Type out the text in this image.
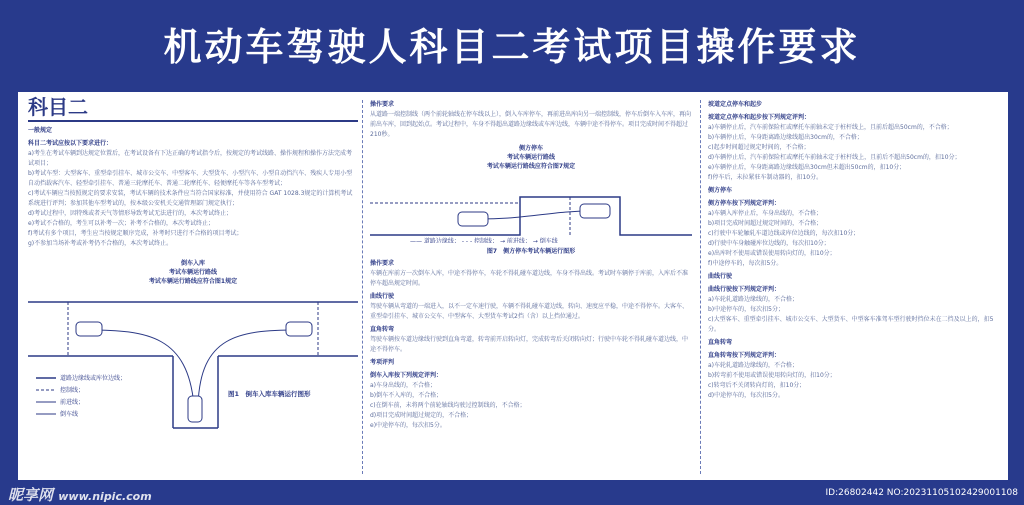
机动车驾驶人科目二考试项目操作要求
科目二
一般规定
科目二考试应按以下要求进行：
a)考生在考试车辆到达规定位置后，在考试设备有下达正确的考试指令后，按规定的考试线路、操作规程和操作方法完成考试项目；
b)考试车型：大型客车、重型牵引挂车、城市公交车、中型客车、大型货车、小型汽车、小型自动挡汽车、残疾人专用小型自动挡载客汽车、轻型牵引挂车、普通三轮摩托车、普通二轮摩托车、轻便摩托车等各车型考试；
c)考试车辆应当按照规定的要求安装，考试车辆的技术条件应当符合国家标准，并使用符合 GAT 1028.3规定的计算机考试系统进行评判；参加其他车型考试的，按本级公安机关交通管理部门规定执行；
d)考试过程中，因特殊或者天气等情形导致考试无法进行的，本次考试终止；
e)考试不合格的，考生可以补考一次；补考不合格的，本次考试终止；
f)考试有多个项目，考生应当按规定顺序完成，补考时只进行不合格的项目考试；
g)不参加当场补考或补考仍不合格的，本次考试终止。
倒车入库
考试车辆运行路线
考试车辆运行路线应符合图1规定
道路边缘线或库位边线；
控制线；
前进线；
倒车线
图1　倒车入库车辆运行图形
操作要求
从道路一端控制线（两个前轮轴线在停车线以上），倒入车库停车，再前进出库向另一端控制线，停车后倒车入车库，再向前出车库，回到起始点。考试过程中，车身不得超出道路边缘线或车库边线，车辆中途不得停车。项目完成时间不得超过210秒。
侧方停车
考试车辆运行路线
考试车辆运行路线应符合图7规定
—— 道路边缘线； - - - 控制线； → 前进线； → 倒车线
图7　侧方停车考试车辆运行图形
操作要求
车辆在库前方一次倒车入库，中途不得停车，车轮不得轧碰车道边线，车身不得出线。考试时车辆停于库前，入库后不准停车超出规定时间。
曲线行驶
驾驶车辆从弯道的一端进入，以不一定车速行驶，车辆不得轧碰车道边线，转向、速度应平稳，中途不得停车。大客车、重型牵引挂车、城市公交车、中型客车、大型货车考试2挡（含）以上挡位通过。
直角转弯
驾驶车辆按车道边缘线行驶到直角弯道，转弯前开启转向灯，完成转弯后关闭转向灯；行驶中车轮不得轧碰车道边线，中途不得停车。
考项评判
倒车入库按下列规定评判：
a)车身出线的，不合格；
b)倒车不入库的，不合格；
c)在倒车前，未将两个前轮轴线均驶过控制线的，不合格；
d)项目完成时间超过规定的，不合格；
e)中途停车的，每次扣5分。
坡道定点停车和起步
坡道定点停车和起步按下列规定评判：
a)车辆停止后，汽车前保险杠或摩托车前轴未定于桩杆线上，且前后超出50cm的，不合格；
b)车辆停止后，车身距离路边缘线超出30cm的，不合格；
c)起步时间超过规定时间的，不合格；
d)车辆停止后，汽车前保险杠或摩托车前轴未定于桩杆线上，且前后不超出50cm的，扣10分；
e)车辆停止后，车身距离路边缘线超出30cm但未超出50cm的，扣10分；
f)停车后，未拉紧驻车制动器的，扣10分。
侧方停车
侧方停车按下列规定评判：
a)车辆入库停止后，车身出线的，不合格；
b)项目完成时间超过规定时间的，不合格；
c)行驶中车轮触轧车道边线或库位边线的，每次扣10分；
d)行驶中车身触碰库位边线的，每次扣10分；
e)出库时不使用或错误使用转向灯的，扣10分；
f)中途停车的，每次扣5分。
曲线行驶
曲线行驶按下列规定评判：
a)车轮轧道路边缘线的，不合格；
b)中途停车的，每次扣5分；
c)大型客车、重型牵引挂车、城市公交车、大型货车、中型客车准驾车型行驶时挡位未在二挡及以上的，扣5分。
直角转弯
直角转弯按下列规定评判：
a)车轮轧道路边缘线的，不合格；
b)转弯前不使用或错误使用转向灯的，扣10分；
c)转弯后不关闭转向灯的，扣10分；
d)中途停车的，每次扣5分。
昵享网 www.nipic.com	ID:26802442 NO:20231105102429001108
